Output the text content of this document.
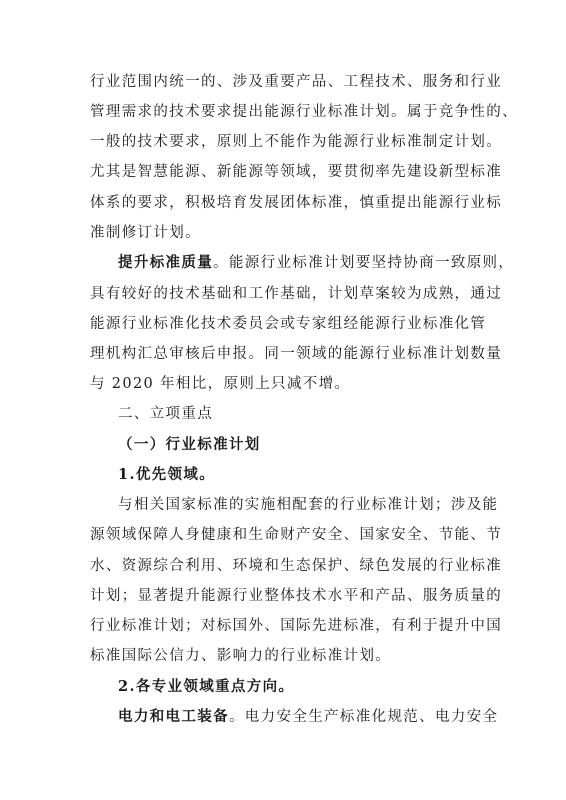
行业范围内统一的、涉及重要产品、工程技术、服务和行业
管理需求的技术要求提出能源行业标准计划。属于竞争性的、
一般的技术要求，原则上不能作为能源行业标准制定计划。
尤其是智慧能源、新能源等领域，要贯彻率先建设新型标准
体系的要求，积极培育发展团体标准，慎重提出能源行业标
准制修订计划。
提升标准质量。能源行业标准计划要坚持协商一致原则，
具有较好的技术基础和工作基础，计划草案较为成熟，通过
能源行业标准化技术委员会或专家组经能源行业标准化管
理机构汇总审核后申报。同一领域的能源行业标准计划数量
与 2020 年相比，原则上只减不增。
二、立项重点
（一）行业标准计划
1.优先领域。
与相关国家标准的实施相配套的行业标准计划；涉及能
源领域保障人身健康和生命财产安全、国家安全、节能、节
水、资源综合利用、环境和生态保护、绿色发展的行业标准
计划；显著提升能源行业整体技术水平和产品、服务质量的
行业标准计划；对标国外、国际先进标准，有利于提升中国
标准国际公信力、影响力的行业标准计划。
2.各专业领域重点方向。
电力和电工装备。电力安全生产标准化规范、电力安全
